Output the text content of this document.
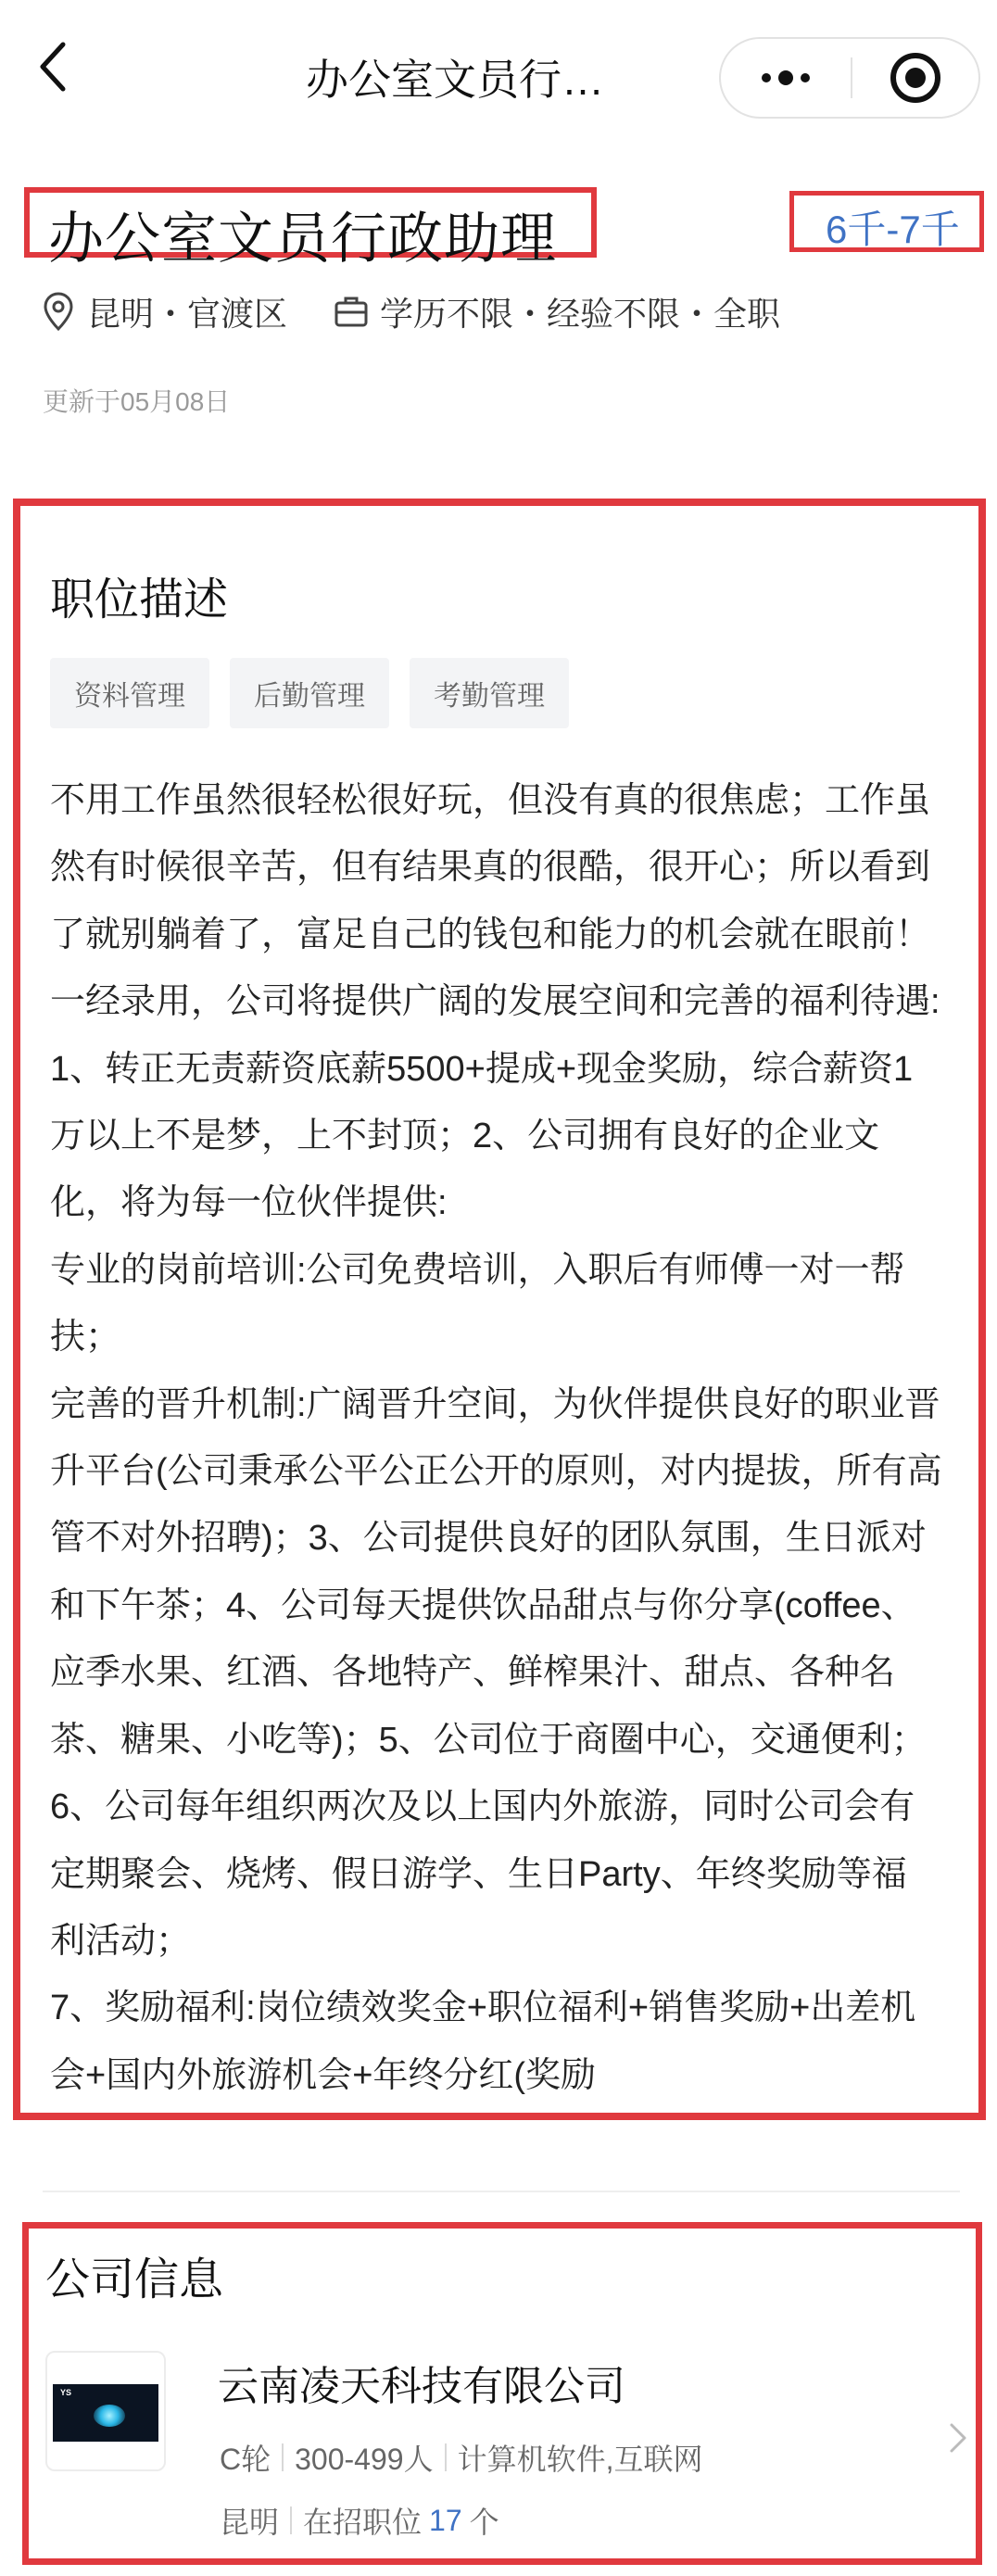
办公室文员行…
办公室文员行政助理	6千-7千
昆明・官渡区	学历不限・经验不限・全职
更新于05月08日
职位描述
资料管理	后勤管理	考勤管理
不用工作虽然很轻松很好玩，但没有真的很焦虑；工作虽
然有时候很辛苦，但有结果真的很酷，很开心；所以看到
了就别躺着了，富足自己的钱包和能力的机会就在眼前！
一经录用，公司将提供广阔的发展空间和完善的福利待遇:
1、转正无责薪资底薪5500+提成+现金奖励，综合薪资1
万以上不是梦，上不封顶；2、公司拥有良好的企业文
化，将为每一位伙伴提供:
专业的岗前培训:公司免费培训，入职后有师傅一对一帮
扶；
完善的晋升机制:广阔晋升空间，为伙伴提供良好的职业晋
升平台(公司秉承公平公正公开的原则，对内提拔，所有高
管不对外招聘)；3、公司提供良好的团队氛围，生日派对
和下午茶；4、公司每天提供饮品甜点与你分享(coffee、
应季水果、红酒、各地特产、鲜榨果汁、甜点、各种名
茶、糖果、小吃等)；5、公司位于商圈中心，交通便利；
6、公司每年组织两次及以上国内外旅游，同时公司会有
定期聚会、烧烤、假日游学、生日Party、年终奖励等福
利活动；
7、奖励福利:岗位绩效奖金+职位福利+销售奖励+出差机
会+国内外旅游机会+年终分红(奖励
公司信息
YS	云南凌天科技有限公司
C轮 300-499人 计算机软件,互联网
昆明 在招职位 17 个
